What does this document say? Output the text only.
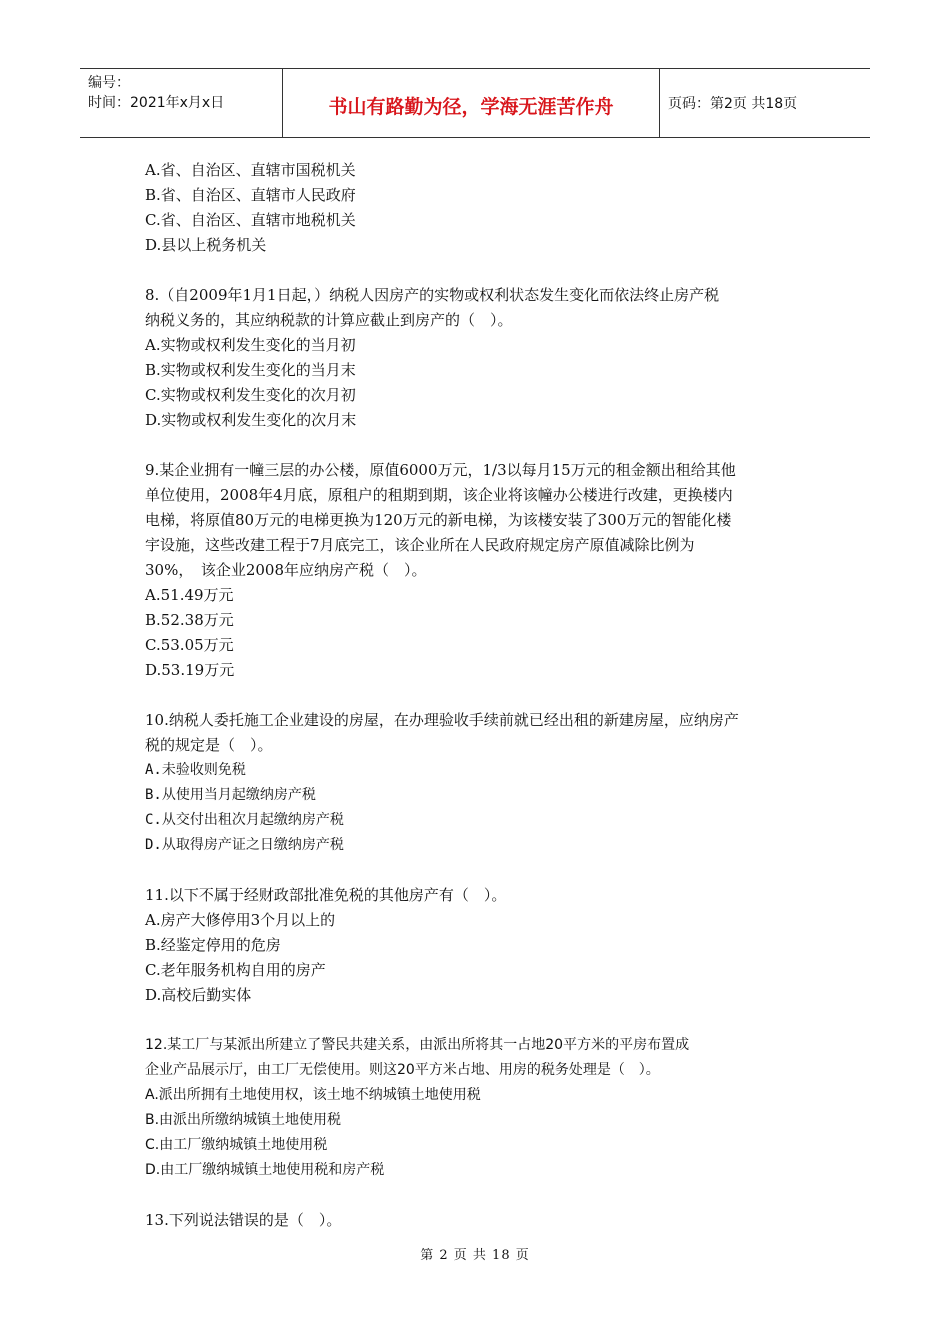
编号：
时间：2021年x月x日	书山有路勤为径，学海无涯苦作舟	页码：第2页 共18页
A.省、自治区、直辖市国税机关
B.省、自治区、直辖市人民政府
C.省、自治区、直辖市地税机关
D.县以上税务机关
8.（自2009年1月1日起，）纳税人因房产的实物或权利状态发生变化而依法终止房产税
纳税义务的，其应纳税款的计算应截止到房产的（　）。
A.实物或权利发生变化的当月初
B.实物或权利发生变化的当月末
C.实物或权利发生变化的次月初
D.实物或权利发生变化的次月末
9.某企业拥有一幢三层的办公楼，原值6000万元，1/3以每月15万元的租金额出租给其他
单位使用，2008年4月底，原租户的租期到期，该企业将该幢办公楼进行改建，更换楼内
电梯，将原值80万元的电梯更换为120万元的新电梯，为该楼安装了300万元的智能化楼
宇设施，这些改建工程于7月底完工，该企业所在人民政府规定房产原值减除比例为
30%，　该企业2008年应纳房产税（　）。
A.51.49万元
B.52.38万元
C.53.05万元
D.53.19万元
10.纳税人委托施工企业建设的房屋，在办理验收手续前就已经出租的新建房屋，应纳房产
税的规定是（　）。
A.未验收则免税
B.从使用当月起缴纳房产税
C.从交付出租次月起缴纳房产税
D.从取得房产证之日缴纳房产税
11.以下不属于经财政部批准免税的其他房产有（　）。
A.房产大修停用3个月以上的
B.经鉴定停用的危房
C.老年服务机构自用的房产
D.高校后勤实体
12.某工厂与某派出所建立了警民共建关系，由派出所将其一占地20平方米的平房布置成
企业产品展示厅，由工厂无偿使用。则这20平方米占地、用房的税务处理是（　）。
A.派出所拥有土地使用权，该土地不纳城镇土地使用税
B.由派出所缴纳城镇土地使用税
C.由工厂缴纳城镇土地使用税
D.由工厂缴纳城镇土地使用税和房产税
13.下列说法错误的是（　）。
第 2 页 共 18 页
